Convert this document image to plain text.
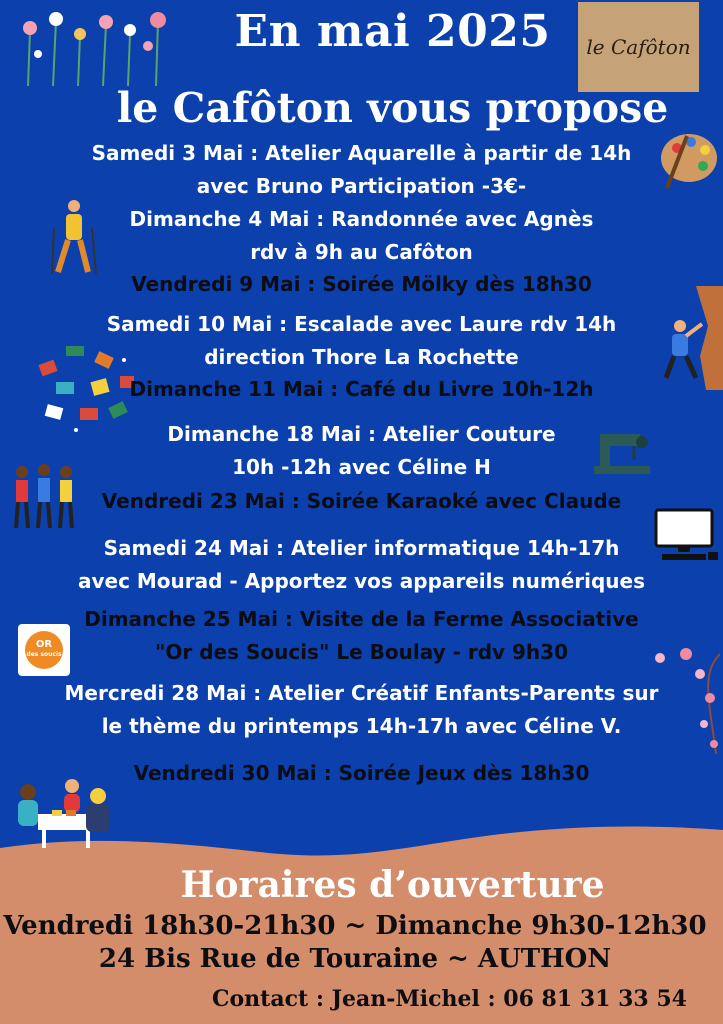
le Cafôton
En mai 2025
le Cafôton vous propose
OR
des soucis
Samedi 3 Mai : Atelier Aquarelle à partir de 14h
avec Bruno Participation -3€-
Dimanche 4 Mai : Randonnée avec Agnès
rdv à 9h au Cafôton
Vendredi 9 Mai : Soirée Mölky dès 18h30
Samedi 10 Mai : Escalade avec Laure rdv 14h
direction Thore La Rochette
Dimanche 11 Mai : Café du Livre 10h-12h
Dimanche 18 Mai : Atelier Couture
10h -12h avec Céline H
Vendredi 23 Mai : Soirée Karaoké avec Claude
Samedi 24 Mai : Atelier informatique 14h-17h
avec Mourad - Apportez vos appareils numériques
Dimanche 25 Mai : Visite de la Ferme Associative
"Or des Soucis" Le Boulay - rdv 9h30
Mercredi 28 Mai : Atelier Créatif Enfants-Parents sur
le thème du printemps 14h-17h avec Céline V.
Vendredi 30 Mai : Soirée Jeux dès 18h30
Horaires d’ouverture
Vendredi 18h30-21h30 ~ Dimanche 9h30-12h30
24 Bis Rue de Touraine ~ AUTHON
Contact : Jean-Michel : 06 81 31 33 54
